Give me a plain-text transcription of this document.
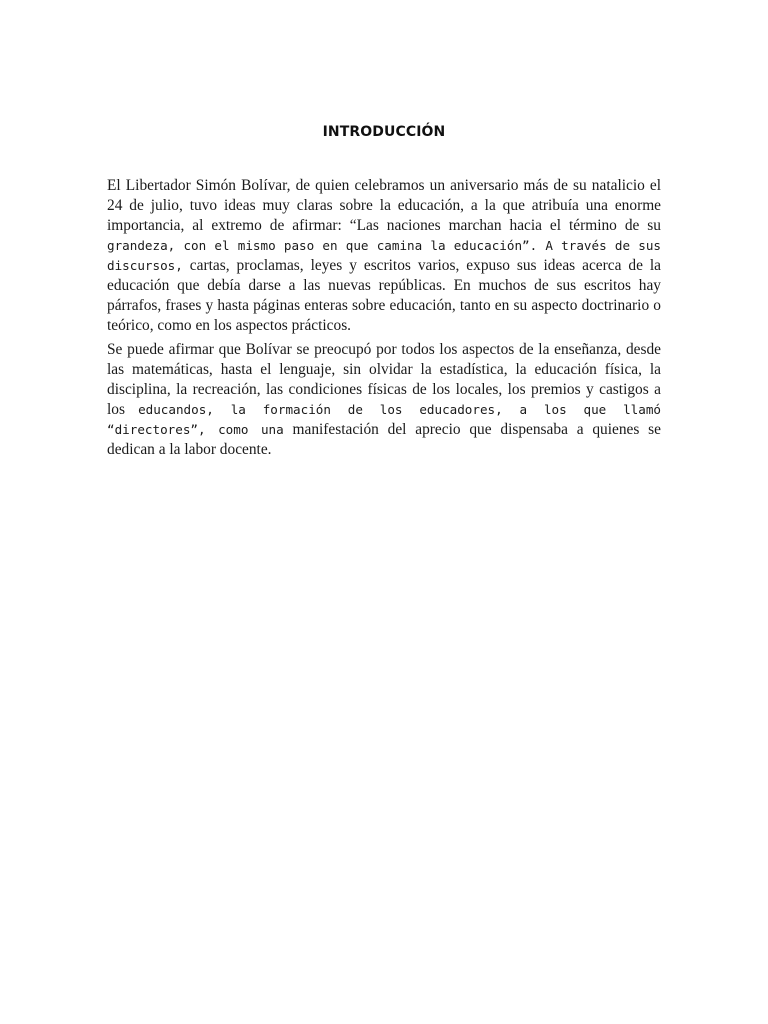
INTRODUCCIÓN

El Libertador Simón Bolívar, de quien celebramos un aniversario más de su natalicio el 24 de julio, tuvo ideas muy claras sobre la educación, a la que atribuía una enorme importancia, al extremo de afirmar: “Las naciones marchan hacia el término de su grandeza, con el mismo paso en que camina la educación”. A través de sus discursos, cartas, proclamas, leyes y escritos varios, expuso sus ideas acerca de la educación que debía darse a las nuevas repúblicas. En muchos de sus escritos hay párrafos, frases y hasta páginas enteras sobre educación, tanto en su aspecto doctrinario o teórico, como en los aspectos prácticos.

Se puede afirmar que Bolívar se preocupó por todos los aspectos de la enseñanza, desde las matemáticas, hasta el lenguaje, sin olvidar la estadística, la educación física, la disciplina, la recreación, las condiciones físicas de los locales, los premios y castigos a los educandos, la formación de los educadores, a los que llamó “directores”, como una manifestación del aprecio que dispensaba a quienes se dedican a la labor docente.
